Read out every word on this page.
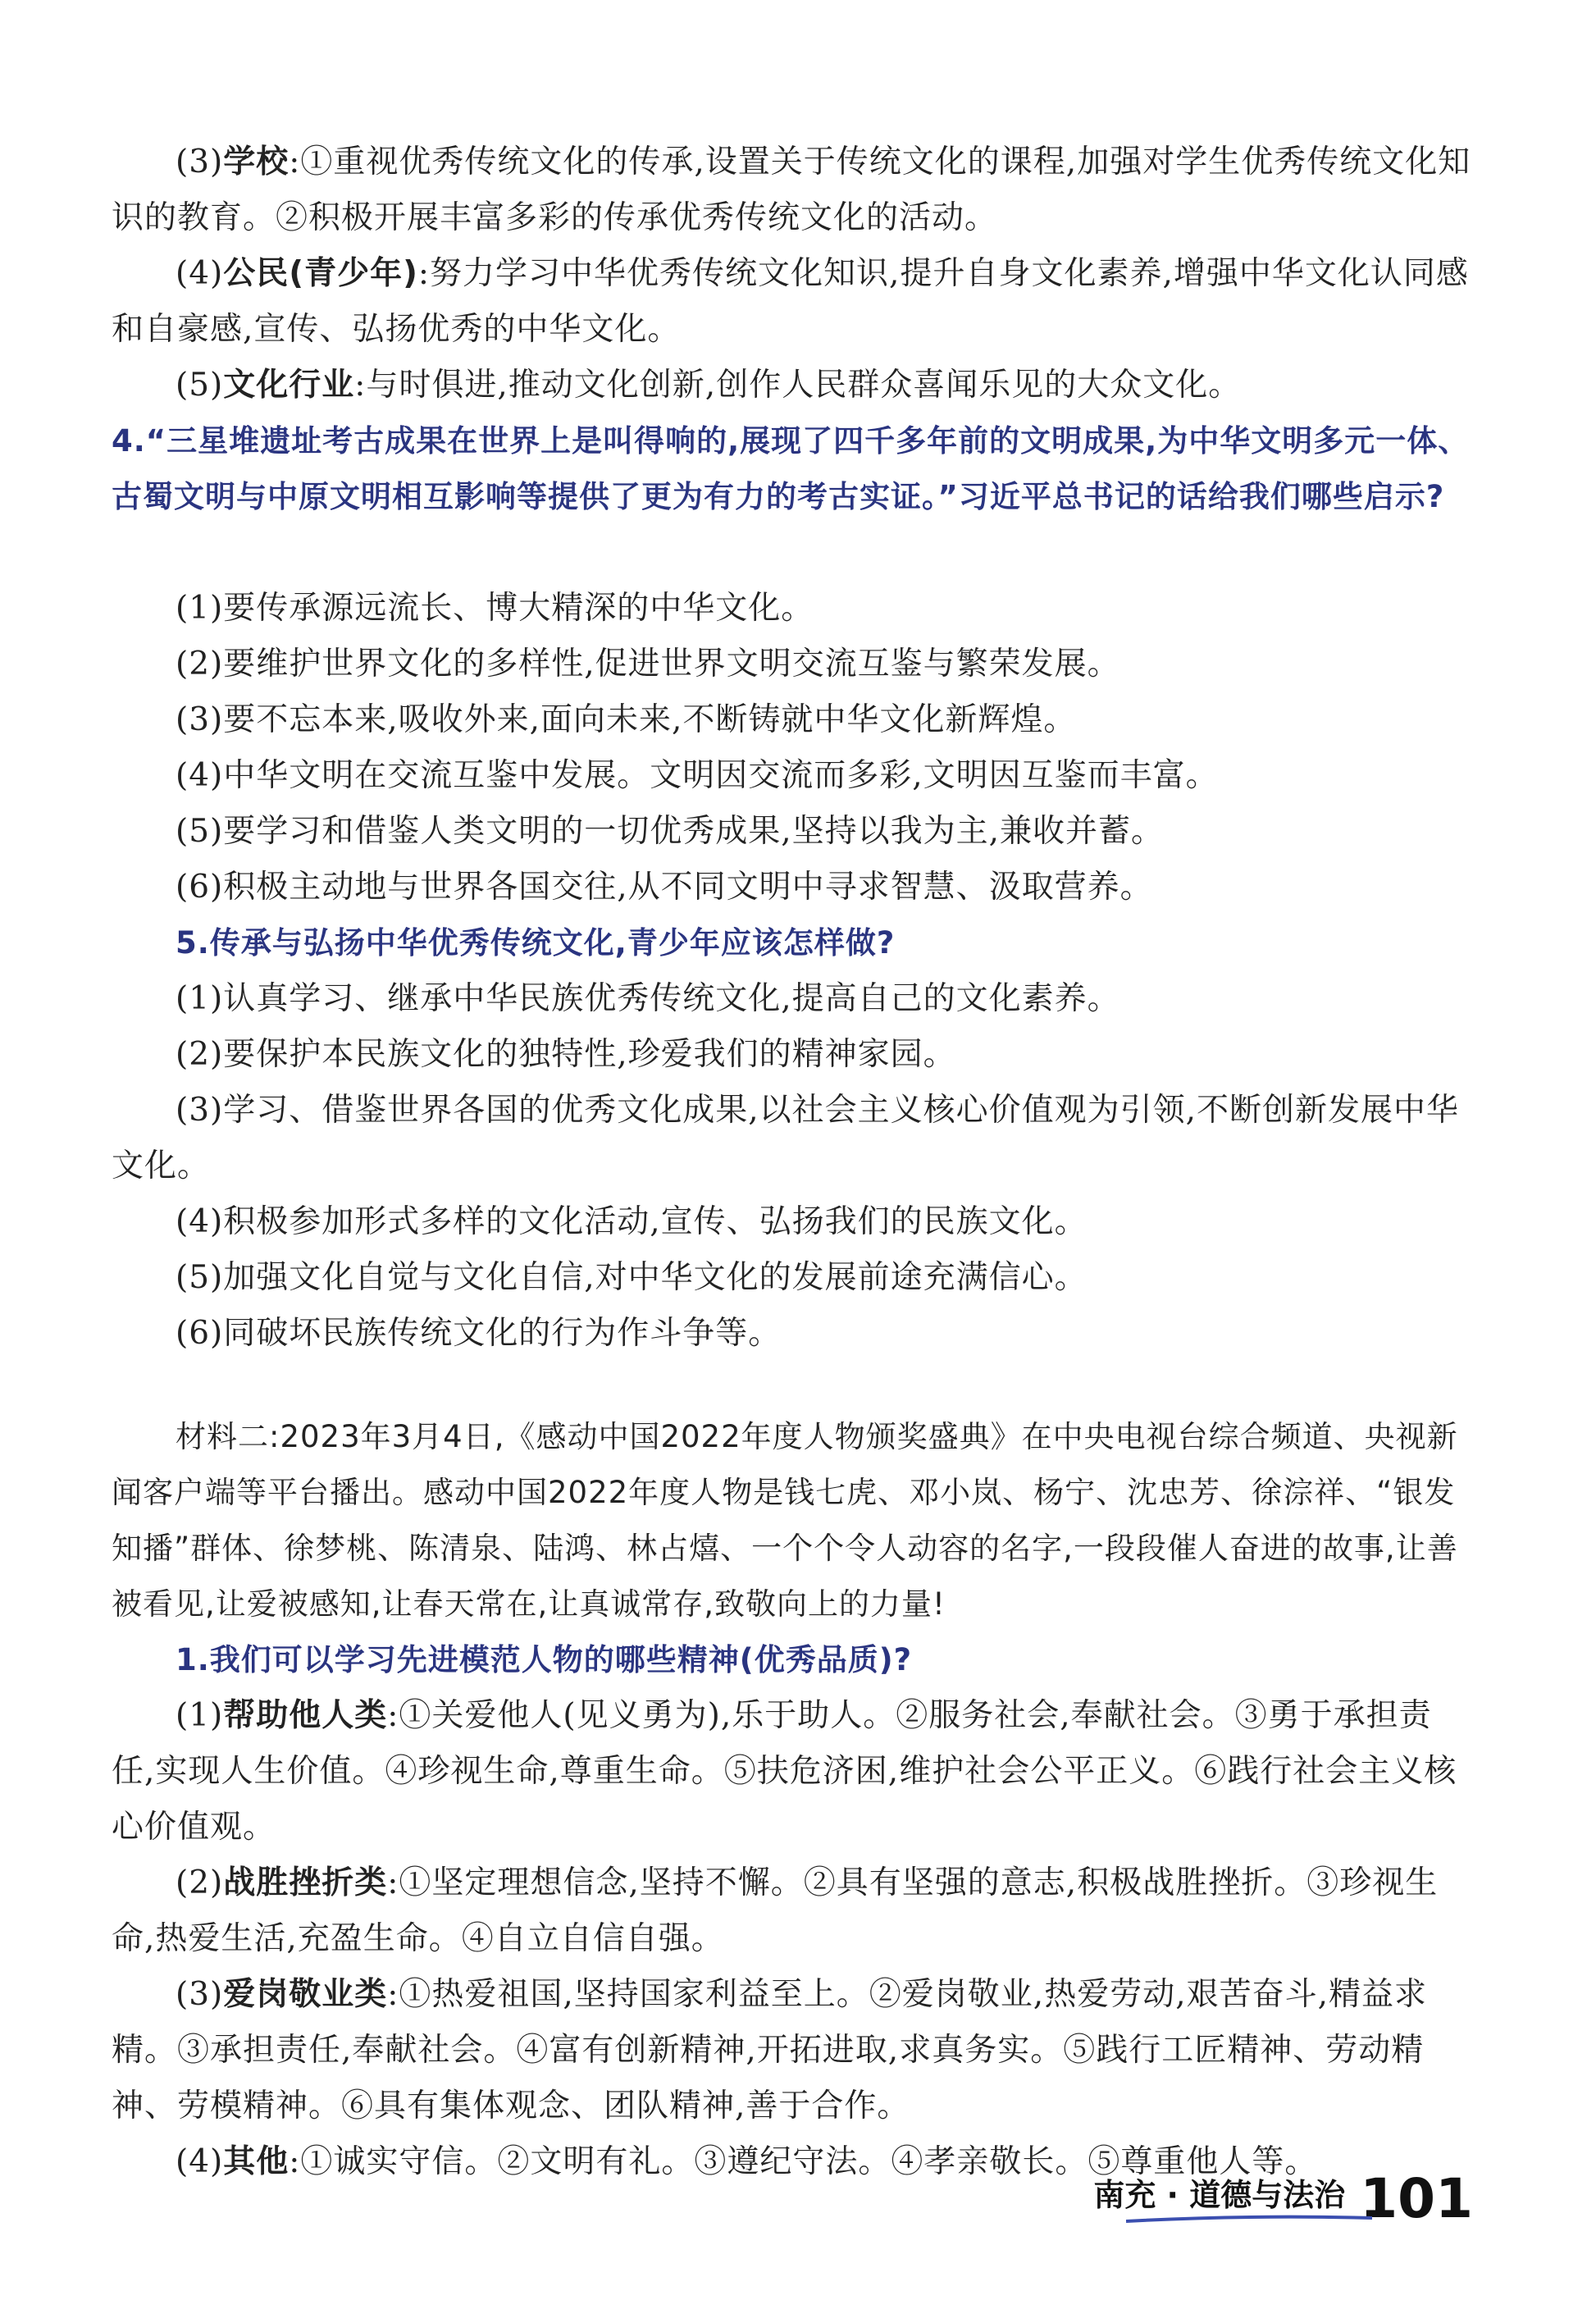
(3)学校:①重视优秀传统文化的传承,设置关于传统文化的课程,加强对学生优秀传统文化知识的教育。②积极开展丰富多彩的传承优秀传统文化的活动。
(4)公民(青少年):努力学习中华优秀传统文化知识,提升自身文化素养,增强中华文化认同感和自豪感,宣传、弘扬优秀的中华文化。
(5)文化行业:与时俱进,推动文化创新,创作人民群众喜闻乐见的大众文化。
4.“三星堆遗址考古成果在世界上是叫得响的,展现了四千多年前的文明成果,为中华文明多元一体、古蜀文明与中原文明相互影响等提供了更为有力的考古实证。”习近平总书记的话给我们哪些启示?
(1)要传承源远流长、博大精深的中华文化。
(2)要维护世界文化的多样性,促进世界文明交流互鉴与繁荣发展。
(3)要不忘本来,吸收外来,面向未来,不断铸就中华文化新辉煌。
(4)中华文明在交流互鉴中发展。文明因交流而多彩,文明因互鉴而丰富。
(5)要学习和借鉴人类文明的一切优秀成果,坚持以我为主,兼收并蓄。
(6)积极主动地与世界各国交往,从不同文明中寻求智慧、汲取营养。
5.传承与弘扬中华优秀传统文化,青少年应该怎样做?
(1)认真学习、继承中华民族优秀传统文化,提高自己的文化素养。
(2)要保护本民族文化的独特性,珍爱我们的精神家园。
(3)学习、借鉴世界各国的优秀文化成果,以社会主义核心价值观为引领,不断创新发展中华文化。
(4)积极参加形式多样的文化活动,宣传、弘扬我们的民族文化。
(5)加强文化自觉与文化自信,对中华文化的发展前途充满信心。
(6)同破坏民族传统文化的行为作斗争等。
材料二:2023年3月4日,《感动中国2022年度人物颁奖盛典》在中央电视台综合频道、央视新闻客户端等平台播出。感动中国2022年度人物是钱七虎、邓小岚、杨宁、沈忠芳、徐淙祥、“银发知播”群体、徐梦桃、陈清泉、陆鸿、林占熺、一个个令人动容的名字,一段段催人奋进的故事,让善被看见,让爱被感知,让春天常在,让真诚常存,致敬向上的力量!
1.我们可以学习先进模范人物的哪些精神(优秀品质)?
(1)帮助他人类:①关爱他人(见义勇为),乐于助人。②服务社会,奉献社会。③勇于承担责任,实现人生价值。④珍视生命,尊重生命。⑤扶危济困,维护社会公平正义。⑥践行社会主义核心价值观。
(2)战胜挫折类:①坚定理想信念,坚持不懈。②具有坚强的意志,积极战胜挫折。③珍视生命,热爱生活,充盈生命。④自立自信自强。
(3)爱岗敬业类:①热爱祖国,坚持国家利益至上。②爱岗敬业,热爱劳动,艰苦奋斗,精益求精。③承担责任,奉献社会。④富有创新精神,开拓进取,求真务实。⑤践行工匠精神、劳动精神、劳模精神。⑥具有集体观念、团队精神,善于合作。
(4)其他:①诚实守信。②文明有礼。③遵纪守法。④孝亲敬长。⑤尊重他人等。
南充 · 道德与法治 101
